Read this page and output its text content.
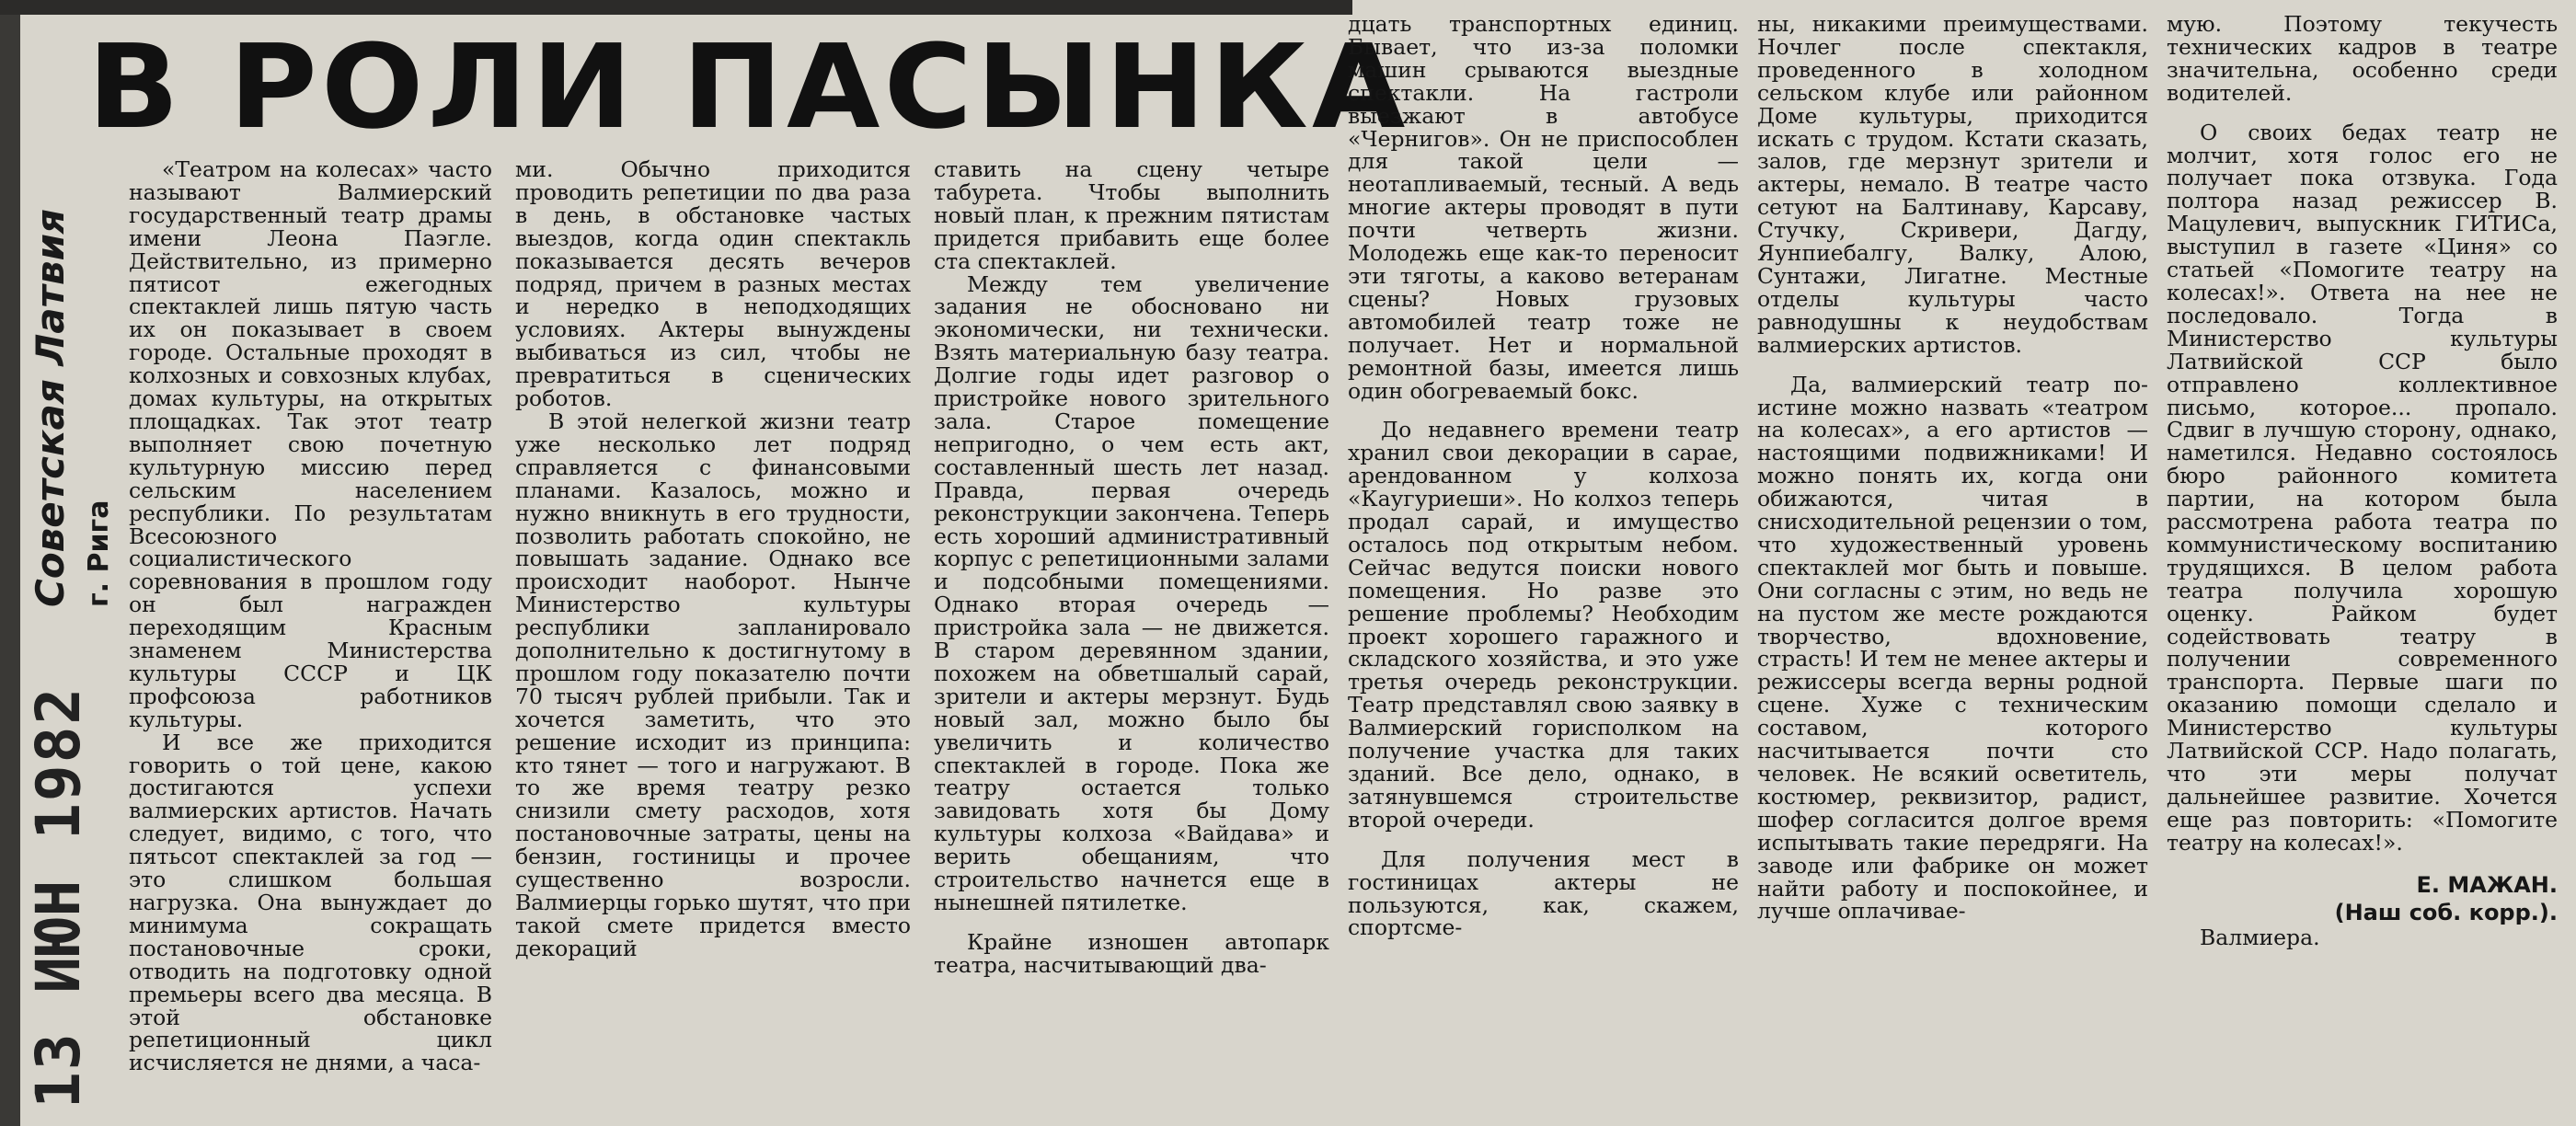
В РОЛИ ПАСЫНКА
Советская Латвия г. Рига
13 ИЮН 1982

«Театром на колесах» часто называют Валмиерский государственный театр драмы имени Леона Паэгле. Действительно, из примерно пятисот ежегодных спектаклей лишь пятую часть их он показывает в своем городе. Остальные проходят в колхозных и совхозных клубах, домах культуры, на открытых площадках. Так этот театр выполняет свою почетную культурную миссию перед сельским населением республики. По результатам Всесоюзного социалистического соревнования в прошлом году он был награжден переходящим Красным знаменем Министерства культуры СССР и ЦК профсоюза работников культуры.

И все же приходится говорить о той цене, какою достигаются успехи валмиерских артистов. Начать следует, видимо, с того, что пятьсот спектаклей за год — это слишком большая нагрузка. Она вынуждает до минимума сокращать постановочные сроки, отводить на подготовку одной премьеры всего два месяца. В этой обстановке репетиционный цикл исчисляется не днями, а часа-

ми. Обычно приходится проводить репетиции по два раза в день, в обстановке частых выездов, когда один спектакль показывается десять вечеров подряд, причем в разных местах и нередко в неподходящих условиях. Актеры вынуждены выбиваться из сил, чтобы не превратиться в сценических роботов.

В этой нелегкой жизни театр уже несколько лет подряд справляется с финансовыми планами. Казалось, можно и нужно вникнуть в его трудности, позволить работать спокойно, не повышать задание. Однако все происходит наоборот. Нынче Министерство культуры республики запланировало дополнительно к достигнутому в прошлом году показателю почти 70 тысяч рублей прибыли. Так и хочется заметить, что это решение исходит из принципа: кто тянет — того и нагружают. В то же время театру резко снизили смету расходов, хотя постановочные затраты, цены на бензин, гостиницы и прочее существенно возросли. Валмиерцы горько шутят, что при такой смете придется вместо декораций

ставить на сцену четыре табурета. Чтобы выполнить новый план, к прежним пятистам придется прибавить еще более ста спектаклей.

Между тем увеличение задания не обосновано ни экономически, ни технически. Взять материальную базу театра. Долгие годы идет разговор о пристройке нового зрительного зала. Старое помещение непригодно, о чем есть акт, составленный шесть лет назад. Правда, первая очередь реконструкции закончена. Теперь есть хороший административный корпус с репетиционными залами и подсобными помещениями. Однако вторая очередь — пристройка зала — не движется. В старом деревянном здании, похожем на обветшалый сарай, зрители и актеры мерзнут. Будь новый зал, можно было бы увеличить и количество спектаклей в городе. Пока же театру остается только завидовать хотя бы Дому культуры колхоза «Вайдава» и верить обещаниям, что строительство начнется еще в нынешней пятилетке.

Крайне изношен автопарк театра, насчитывающий два-

дцать транспортных единиц. Бывает, что из-за поломки машин срываются выездные спектакли. На гастроли выезжают в автобусе «Чернигов». Он не приспособлен для такой цели — неотапливаемый, тесный. А ведь многие актеры проводят в пути почти четверть жизни. Молодежь еще как-то переносит эти тяготы, а каково ветеранам сцены? Новых грузовых автомобилей театр тоже не получает. Нет и нормальной ремонтной базы, имеется лишь один обогреваемый бокс.

До недавнего времени театр хранил свои декорации в сарае, арендованном у колхоза «Каугуриеши». Но колхоз теперь продал сарай, и имущество осталось под открытым небом. Сейчас ведутся поиски нового помещения. Но разве это решение проблемы? Необходим проект хорошего гаражного и складского хозяйства, и это уже третья очередь реконструкции. Театр представлял свою заявку в Валмиерский горисполком на получение участка для таких зданий. Все дело, однако, в затянувшемся строительстве второй очереди.

Для получения мест в гостиницах актеры не пользуются, как, скажем, спортсме-

ны, никакими преимуществами. Ночлег после спектакля, проведенного в холодном сельском клубе или районном Доме культуры, приходится искать с трудом. Кстати сказать, залов, где мерзнут зрители и актеры, немало. В театре часто сетуют на Балтинаву, Карсаву, Стучку, Скривери, Дагду, Яунпиебалгу, Валку, Алою, Сунтажи, Лигатне. Местные отделы культуры часто равнодушны к неудобствам валмиерских артистов.

Да, валмиерский театр по-истине можно назвать «театром на колесах», а его артистов — настоящими подвижниками! И можно понять их, когда они обижаются, читая в снисходительной рецензии о том, что художественный уровень спектаклей мог быть и повыше. Они согласны с этим, но ведь не на пустом же месте рождаются творчество, вдохновение, страсть! И тем не менее актеры и режиссеры всегда верны родной сцене. Хуже с техническим составом, которого насчитывается почти сто человек. Не всякий осветитель, костюмер, реквизитор, радист, шофер согласится долгое время испытывать такие передряги. На заводе или фабрике он может найти работу и поспокойнее, и лучше оплачивае-

мую. Поэтому текучесть технических кадров в театре значительна, особенно среди водителей.

О своих бедах театр не молчит, хотя голос его не получает пока отзвука. Года полтора назад режиссер В. Мацулевич, выпускник ГИТИСа, выступил в газете «Циня» со статьей «Помогите театру на колесах!». Ответа на нее не последовало. Тогда в Министерство культуры Латвийской ССР было отправлено коллективное письмо, которое... пропало. Сдвиг в лучшую сторону, однако, наметился. Недавно состоялось бюро районного комитета партии, на котором была рассмотрена работа театра по коммунистическому воспитанию трудящихся. В целом работа театра получила хорошую оценку. Райком будет содействовать театру в получении современного транспорта. Первые шаги по оказанию помощи сделало и Министерство культуры Латвийской ССР. Надо полагать, что эти меры получат дальнейшее развитие. Хочется еще раз повторить: «Помогите театру на колесах!».

Е. МАЖАН.
(Наш соб. корр.).

Валмиера.
